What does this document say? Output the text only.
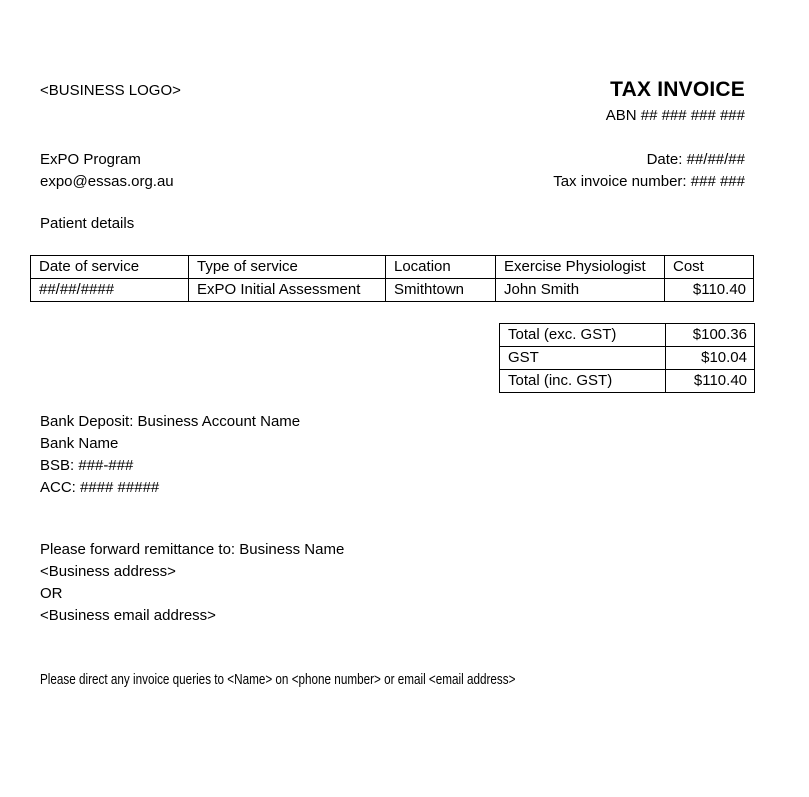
<BUSINESS LOGO>	TAX INVOICE
ABN ## ### ### ###
ExPO Program
expo@essas.org.au
Date: ##/##/##
Tax invoice number: ### ###
Patient details
Date of service	Type of service	Location	Exercise Physiologist	Cost
##/##/####	ExPO Initial Assessment	Smithtown	John Smith	$110.40
Total (exc. GST)	$100.36
GST	$10.04
Total (inc. GST)	$110.40
Bank Deposit: Business Account Name
Bank Name
BSB: ###-###
ACC: #### #####
Please forward remittance to: Business Name
<Business address>
OR
<Business email address>
Please direct any invoice queries to <Name> on <phone number> or email <email address>
